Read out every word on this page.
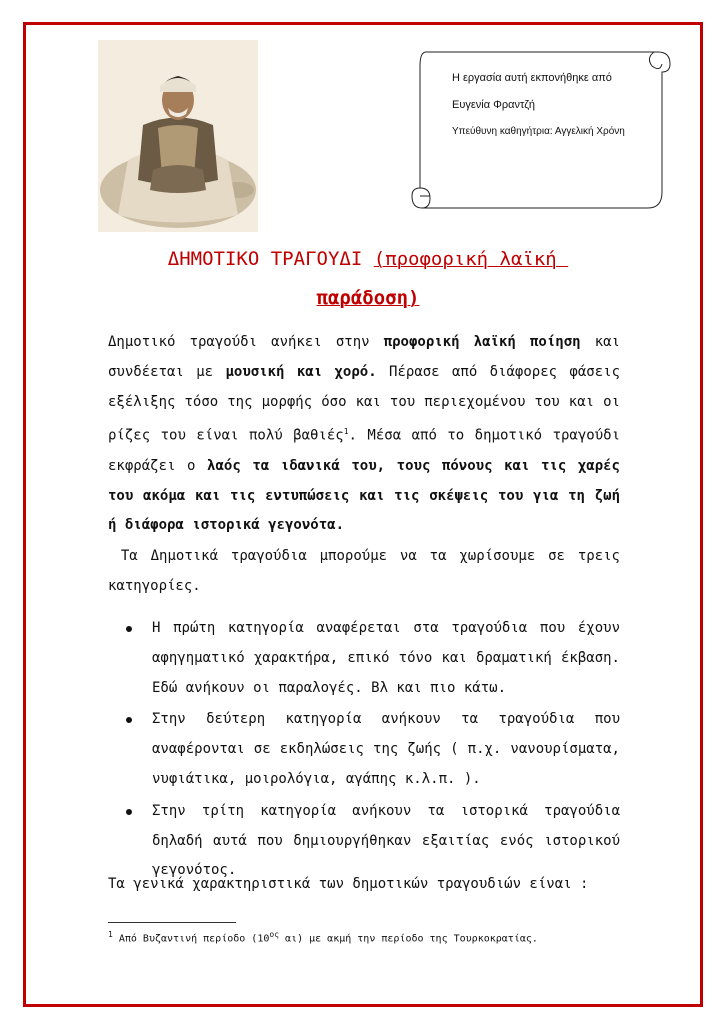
Η εργασία αυτή εκπονήθηκε από
Ευγενία Φραντζή
Υπεύθυνη καθηγήτρια: Αγγελική Χρόνη
ΔΗΜΟΤΙΚΟ ΤΡΑΓΟΥΔΙ (προφορική λαϊκή
παράδοση)
Δημοτικό τραγούδι ανήκει στην προφορική λαϊκή ποίηση και συνδέεται με μουσική και χορό. Πέρασε από διάφορες φάσεις εξέλιξης τόσο της μορφής όσο και του περιεχομένου του και οι ρίζες του είναι πολύ βαθιές$^1$. Μέσα από το δημοτικό τραγούδι εκφράζει ο λαός τα ιδανικά του, τους πόνους και τις χαρές του ακόμα και τις εντυπώσεις και τις σκέψεις του για τη ζωή ή διάφορα ιστορικά γεγονότα.
Τα Δημοτικά τραγούδια μπορούμε να τα χωρίσουμε σε τρεις κατηγορίες.
Η πρώτη κατηγορία αναφέρεται στα τραγούδια που έχουν αφηγηματικό χαρακτήρα, επικό τόνο και δραματική έκβαση. Εδώ ανήκουν οι παραλογές. Βλ και πιο κάτω.
Στην δεύτερη κατηγορία ανήκουν τα τραγούδια που αναφέρονται σε εκδηλώσεις της ζωής ( π.χ. νανουρίσματα, νυφιάτικα, μοιρολόγια, αγάπης κ.λ.π. ).
Στην τρίτη κατηγορία ανήκουν τα ιστορικά τραγούδια δηλαδή αυτά που δημιουργήθηκαν εξαιτίας ενός ιστορικού γεγονότος.
Τα γενικά χαρακτηριστικά των δημοτικών τραγουδιών είναι :
$^1$ Από Βυζαντινή περίοδο ($10^{o\varsigma}$ αι) με ακμή την περίοδο της Τουρκοκρατίας.
